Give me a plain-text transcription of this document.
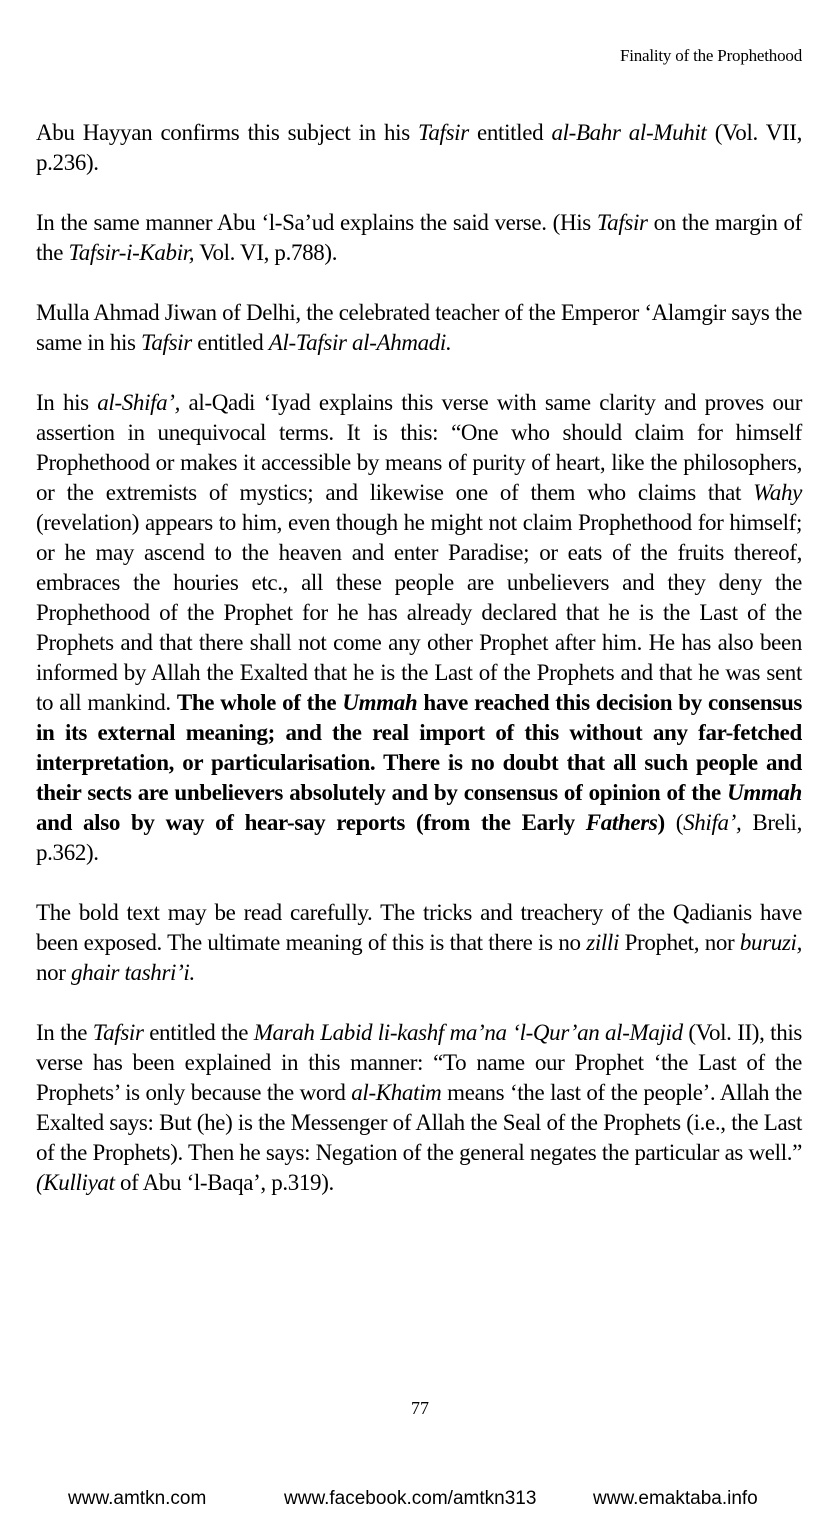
Finality of the Prophethood

Abu Hayyan confirms this subject in his Tafsir entitled al-Bahr al-Muhit (Vol. VII, p.236).

In the same manner Abu ‘l-Sa’ud explains the said verse. (His Tafsir on the margin of the Tafsir-i-Kabir, Vol. VI, p.788).

Mulla Ahmad Jiwan of Delhi, the celebrated teacher of the Emperor ‘Alamgir says the same in his Tafsir entitled Al-Tafsir al-Ahmadi.

In his al-Shifa’, al-Qadi ‘Iyad explains this verse with same clarity and proves our assertion in unequivocal terms. It is this: “One who should claim for himself Prophethood or makes it accessible by means of purity of heart, like the philosophers, or the extremists of mystics; and likewise one of them who claims that Wahy (revelation) appears to him, even though he might not claim Prophethood for himself; or he may ascend to the heaven and enter Paradise; or eats of the fruits thereof, embraces the houries etc., all these people are unbelievers and they deny the Prophethood of the Prophet for he has already declared that he is the Last of the Prophets and that there shall not come any other Prophet after him. He has also been informed by Allah the Exalted that he is the Last of the Prophets and that he was sent to all mankind. The whole of the Ummah have reached this decision by consensus in its external meaning; and the real import of this without any far-fetched interpretation, or particularisation. There is no doubt that all such people and their sects are unbelievers absolutely and by consensus of opinion of the Ummah and also by way of hear-say reports (from the Early Fathers) (Shifa’, Breli, p.362).

The bold text may be read carefully. The tricks and treachery of the Qadianis have been exposed. The ultimate meaning of this is that there is no zilli Prophet, nor buruzi, nor ghair tashri’i.

In the Tafsir entitled the Marah Labid li-kashf ma’na ‘l-Qur’an al-Majid (Vol. II), this verse has been explained in this manner: “To name our Prophet ‘the Last of the Prophets’ is only because the word al-Khatim means ‘the last of the people’. Allah the Exalted says: But (he) is the Messenger of Allah the Seal of the Prophets (i.e., the Last of the Prophets). Then he says: Negation of the general negates the particular as well.” (Kulliyat of Abu ‘l-Baqa’, p.319).

77
www.amtkn.com	www.facebook.com/amtkn313	www.emaktaba.info
